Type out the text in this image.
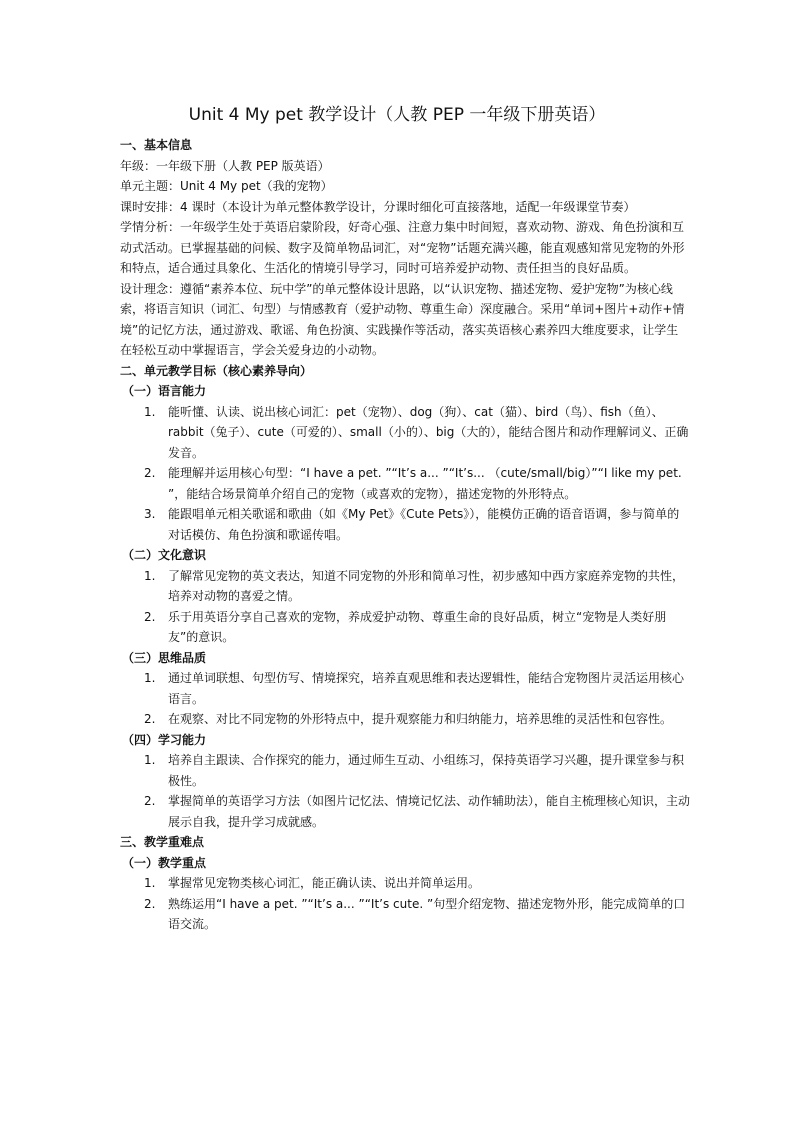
Unit 4 My pet 教学设计（人教 PEP 一年级下册英语）
一、基本信息
年级：一年级下册（人教 PEP 版英语）
单元主题：Unit 4 My pet（我的宠物）
课时安排：4 课时（本设计为单元整体教学设计，分课时细化可直接落地，适配一年级课堂节奏）
学情分析：一年级学生处于英语启蒙阶段，好奇心强、注意力集中时间短，喜欢动物、游戏、角色扮演和互动式活动。已掌握基础的问候、数字及简单物品词汇，对“宠物”话题充满兴趣，能直观感知常见宠物的外形和特点，适合通过具象化、生活化的情境引导学习，同时可培养爱护动物、责任担当的良好品质。
设计理念：遵循“素养本位、玩中学”的单元整体设计思路，以“认识宠物、描述宠物、爱护宠物”为核心线索，将语言知识（词汇、句型）与情感教育（爱护动物、尊重生命）深度融合。采用“单词+图片+动作+情境”的记忆方法，通过游戏、歌谣、角色扮演、实践操作等活动，落实英语核心素养四大维度要求，让学生在轻松互动中掌握语言，学会关爱身边的小动物。
二、单元教学目标（核心素养导向）
（一）语言能力
1. 能听懂、认读、说出核心词汇：pet（宠物）、dog（狗）、cat（猫）、bird（鸟）、fish（鱼）、rabbit（兔子）、cute（可爱的）、small（小的）、big（大的），能结合图片和动作理解词义、正确发音。
2. 能理解并运用核心句型：“I have a pet. ”“It’s a... ”“It’s... （cute/small/big）”“I like my pet. ”，能结合场景简单介绍自己的宠物（或喜欢的宠物），描述宠物的外形特点。
3. 能跟唱单元相关歌谣和歌曲（如《My Pet》《Cute Pets》），能模仿正确的语音语调，参与简单的对话模仿、角色扮演和歌谣传唱。
（二）文化意识
1. 了解常见宠物的英文表达，知道不同宠物的外形和简单习性，初步感知中西方家庭养宠物的共性，培养对动物的喜爱之情。
2. 乐于用英语分享自己喜欢的宠物，养成爱护动物、尊重生命的良好品质，树立“宠物是人类好朋友”的意识。
（三）思维品质
1. 通过单词联想、句型仿写、情境探究，培养直观思维和表达逻辑性，能结合宠物图片灵活运用核心语言。
2. 在观察、对比不同宠物的外形特点中，提升观察能力和归纳能力，培养思维的灵活性和包容性。
（四）学习能力
1. 培养自主跟读、合作探究的能力，通过师生互动、小组练习，保持英语学习兴趣，提升课堂参与积极性。
2. 掌握简单的英语学习方法（如图片记忆法、情境记忆法、动作辅助法），能自主梳理核心知识，主动展示自我，提升学习成就感。
三、教学重难点
（一）教学重点
1. 掌握常见宠物类核心词汇，能正确认读、说出并简单运用。
2. 熟练运用“I have a pet. ”“It’s a... ”“It’s cute. ”句型介绍宠物、描述宠物外形，能完成简单的口语交流。
